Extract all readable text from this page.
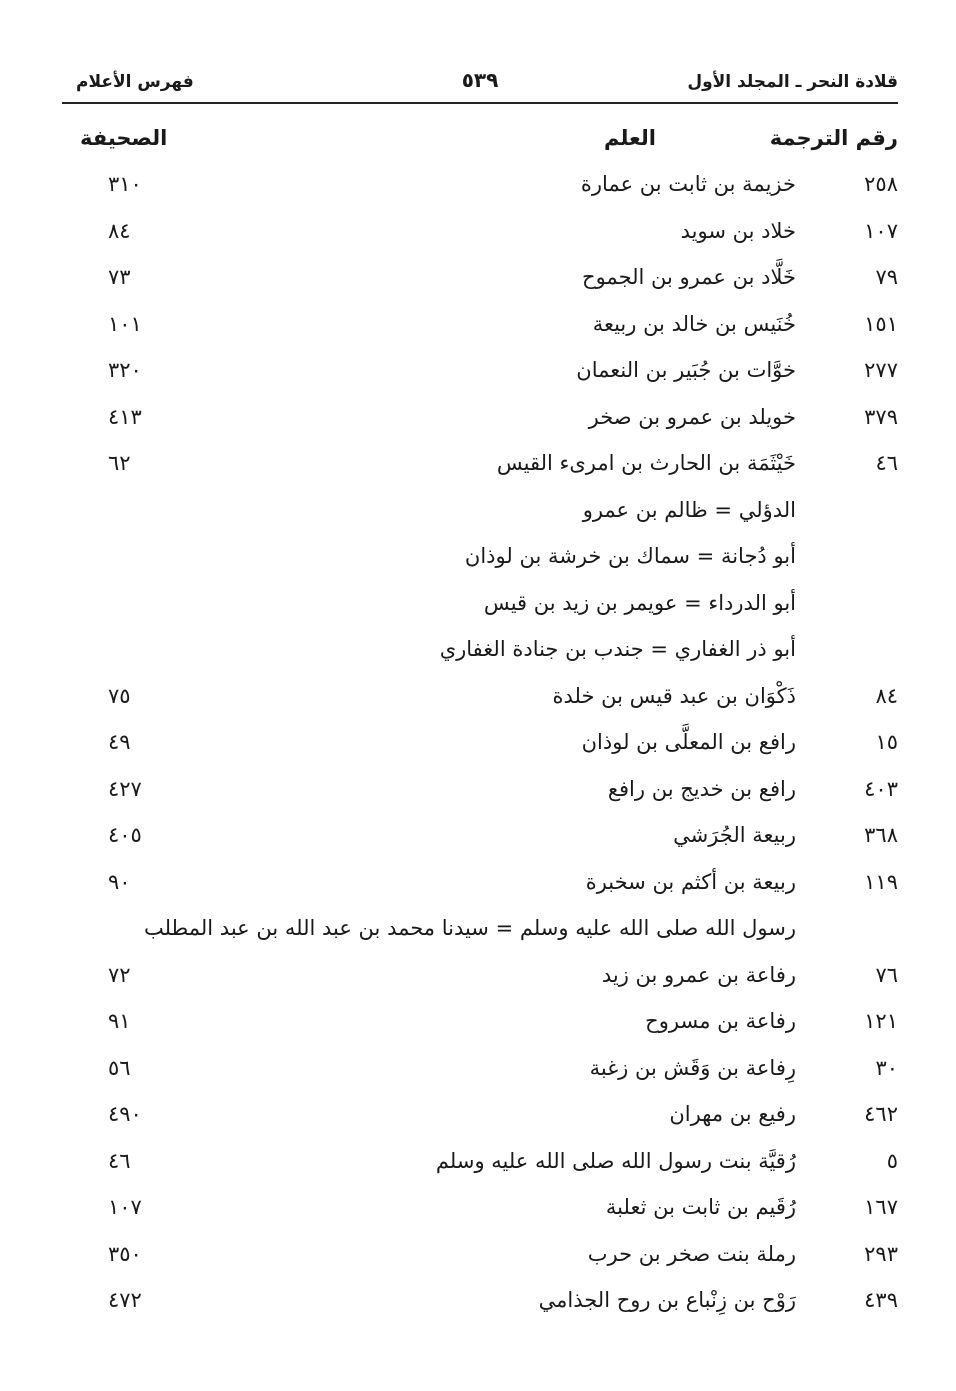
قلادة النحر ـ المجلد الأول
٥٣٩
فهرس الأعلام
رقم الترجمة
العلم
الصحيفة
٢٥٨
خزيمة بن ثابت بن عمارة
٣١٠
١٠٧
خلاد بن سويد
٨٤
٧٩
خَلَّاد بن عمرو بن الجموح
٧٣
١٥١
خُنَيس بن خالد بن ربيعة
١٠١
٢٧٧
خوَّات بن جُبَير بن النعمان
٣٢٠
٣٧٩
خويلد بن عمرو بن صخر
٤١٣
٤٦
خَيْثَمَة بن الحارث بن امرىء القيس
٦٢
الدؤلي = ظالم بن عمرو
أبو دُجانة = سماك بن خرشة بن لوذان
أبو الدرداء = عويمر بن زيد بن قيس
أبو ذر الغفاري = جندب بن جنادة الغفاري
٨٤
ذَكْوَان بن عبد قيس بن خلدة
٧٥
١٥
رافع بن المعلَّى بن لوذان
٤٩
٤٠٣
رافع بن خديج بن رافع
٤٢٧
٣٦٨
ربيعة الجُرَشي
٤٠٥
١١٩
ربيعة بن أكثم بن سخبرة
٩٠
رسول الله صلى الله عليه وسلم = سيدنا محمد بن عبد الله بن عبد المطلب
٧٦
رفاعة بن عمرو بن زيد
٧٢
١٢١
رفاعة بن مسروح
٩١
٣٠
رِفاعة بن وَقَش بن زغبة
٥٦
٤٦٢
رفيع بن مهران
٤٩٠
٥
رُقيَّة بنت رسول الله صلى الله عليه وسلم
٤٦
١٦٧
رُقَيم بن ثابت بن ثعلبة
١٠٧
٢٩٣
رملة بنت صخر بن حرب
٣٥٠
٤٣٩
رَوْح بن زِنْباع بن روح الجذامي
٤٧٢
